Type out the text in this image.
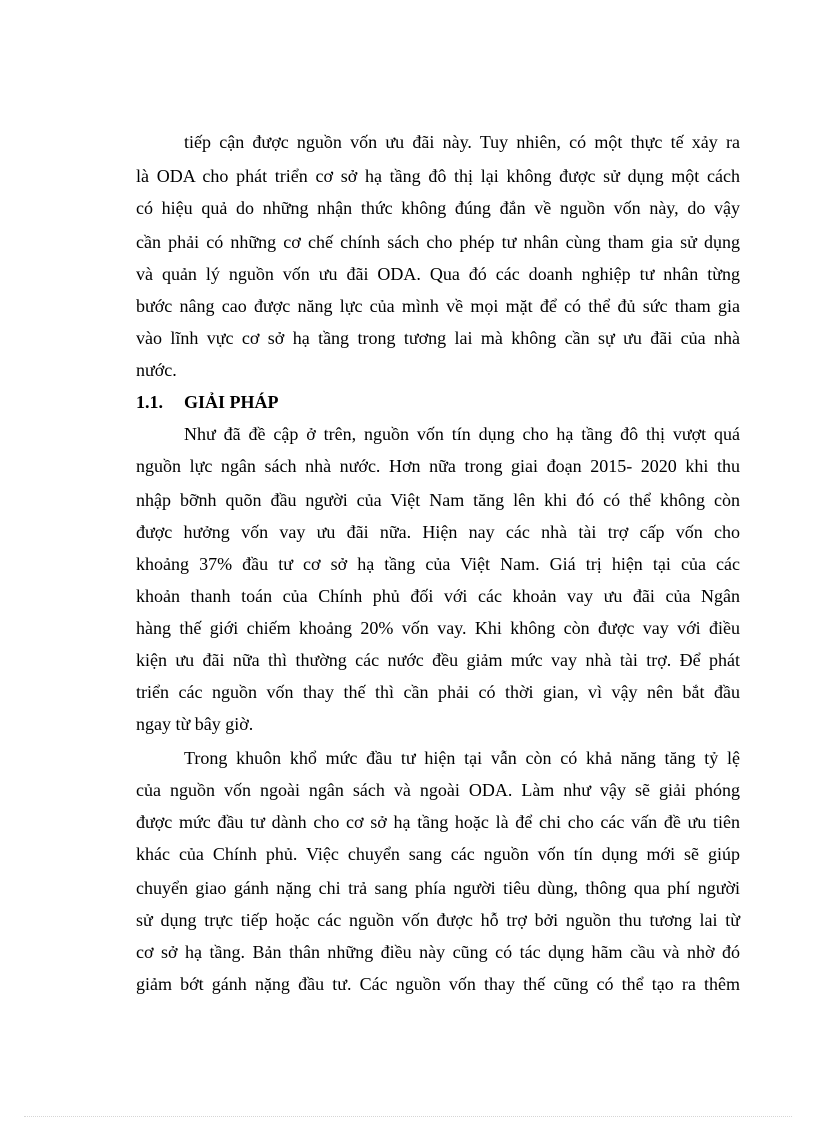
tiếp cận được nguồn vốn ưu đãi này. Tuy nhiên, có một thực tế xảy ra
là ODA cho phát triển cơ sở hạ tầng đô thị lại không được sử dụng một cách
có hiệu quả do những nhận thức không đúng đắn về nguồn vốn này, do vậy
cần phải có những cơ chế chính sách cho phép tư nhân cùng tham gia sử dụng
và quản lý nguồn vốn ưu đãi ODA. Qua đó các doanh nghiệp tư nhân từng
bước nâng cao được năng lực của mình về mọi mặt để có thể đủ sức tham gia
vào lĩnh vực cơ sở hạ tầng trong tương lai mà không cần sự ưu đãi của nhà
nước.
1.1. GIẢI PHÁP
Như đã đề cập ở trên, nguồn vốn tín dụng cho hạ tầng đô thị vượt quá
nguồn lực ngân sách nhà nước. Hơn nữa trong giai đoạn 2015- 2020 khi thu
nhập bỡnh quõn đầu người của Việt Nam tăng lên khi đó có thể không còn
được hưởng vốn vay ưu đãi nữa. Hiện nay các nhà tài trợ cấp vốn cho
khoảng 37% đầu tư cơ sở hạ tầng của Việt Nam. Giá trị hiện tại của các
khoản thanh toán của Chính phủ đối với các khoản vay ưu đãi của Ngân
hàng thế giới chiếm khoảng 20% vốn vay. Khi không còn được vay với điều
kiện ưu đãi nữa thì thường các nước đều giảm mức vay nhà tài trợ. Để phát
triển các nguồn vốn thay thế thì cần phải có thời gian, vì vậy nên bắt đầu
ngay từ bây giờ.
Trong khuôn khổ mức đầu tư hiện tại vẫn còn có khả năng tăng tỷ lệ
của nguồn vốn ngoài ngân sách và ngoài ODA. Làm như vậy sẽ giải phóng
được mức đầu tư dành cho cơ sở hạ tầng hoặc là để chi cho các vấn đề ưu tiên
khác của Chính phủ. Việc chuyển sang các nguồn vốn tín dụng mới sẽ giúp
chuyển giao gánh nặng chi trả sang phía người tiêu dùng, thông qua phí người
sử dụng trực tiếp hoặc các nguồn vốn được hỗ trợ bởi nguồn thu tương lai từ
cơ sở hạ tầng. Bản thân những điều này cũng có tác dụng hãm cầu và nhờ đó
giảm bớt gánh nặng đầu tư. Các nguồn vốn thay thế cũng có thể tạo ra thêm
